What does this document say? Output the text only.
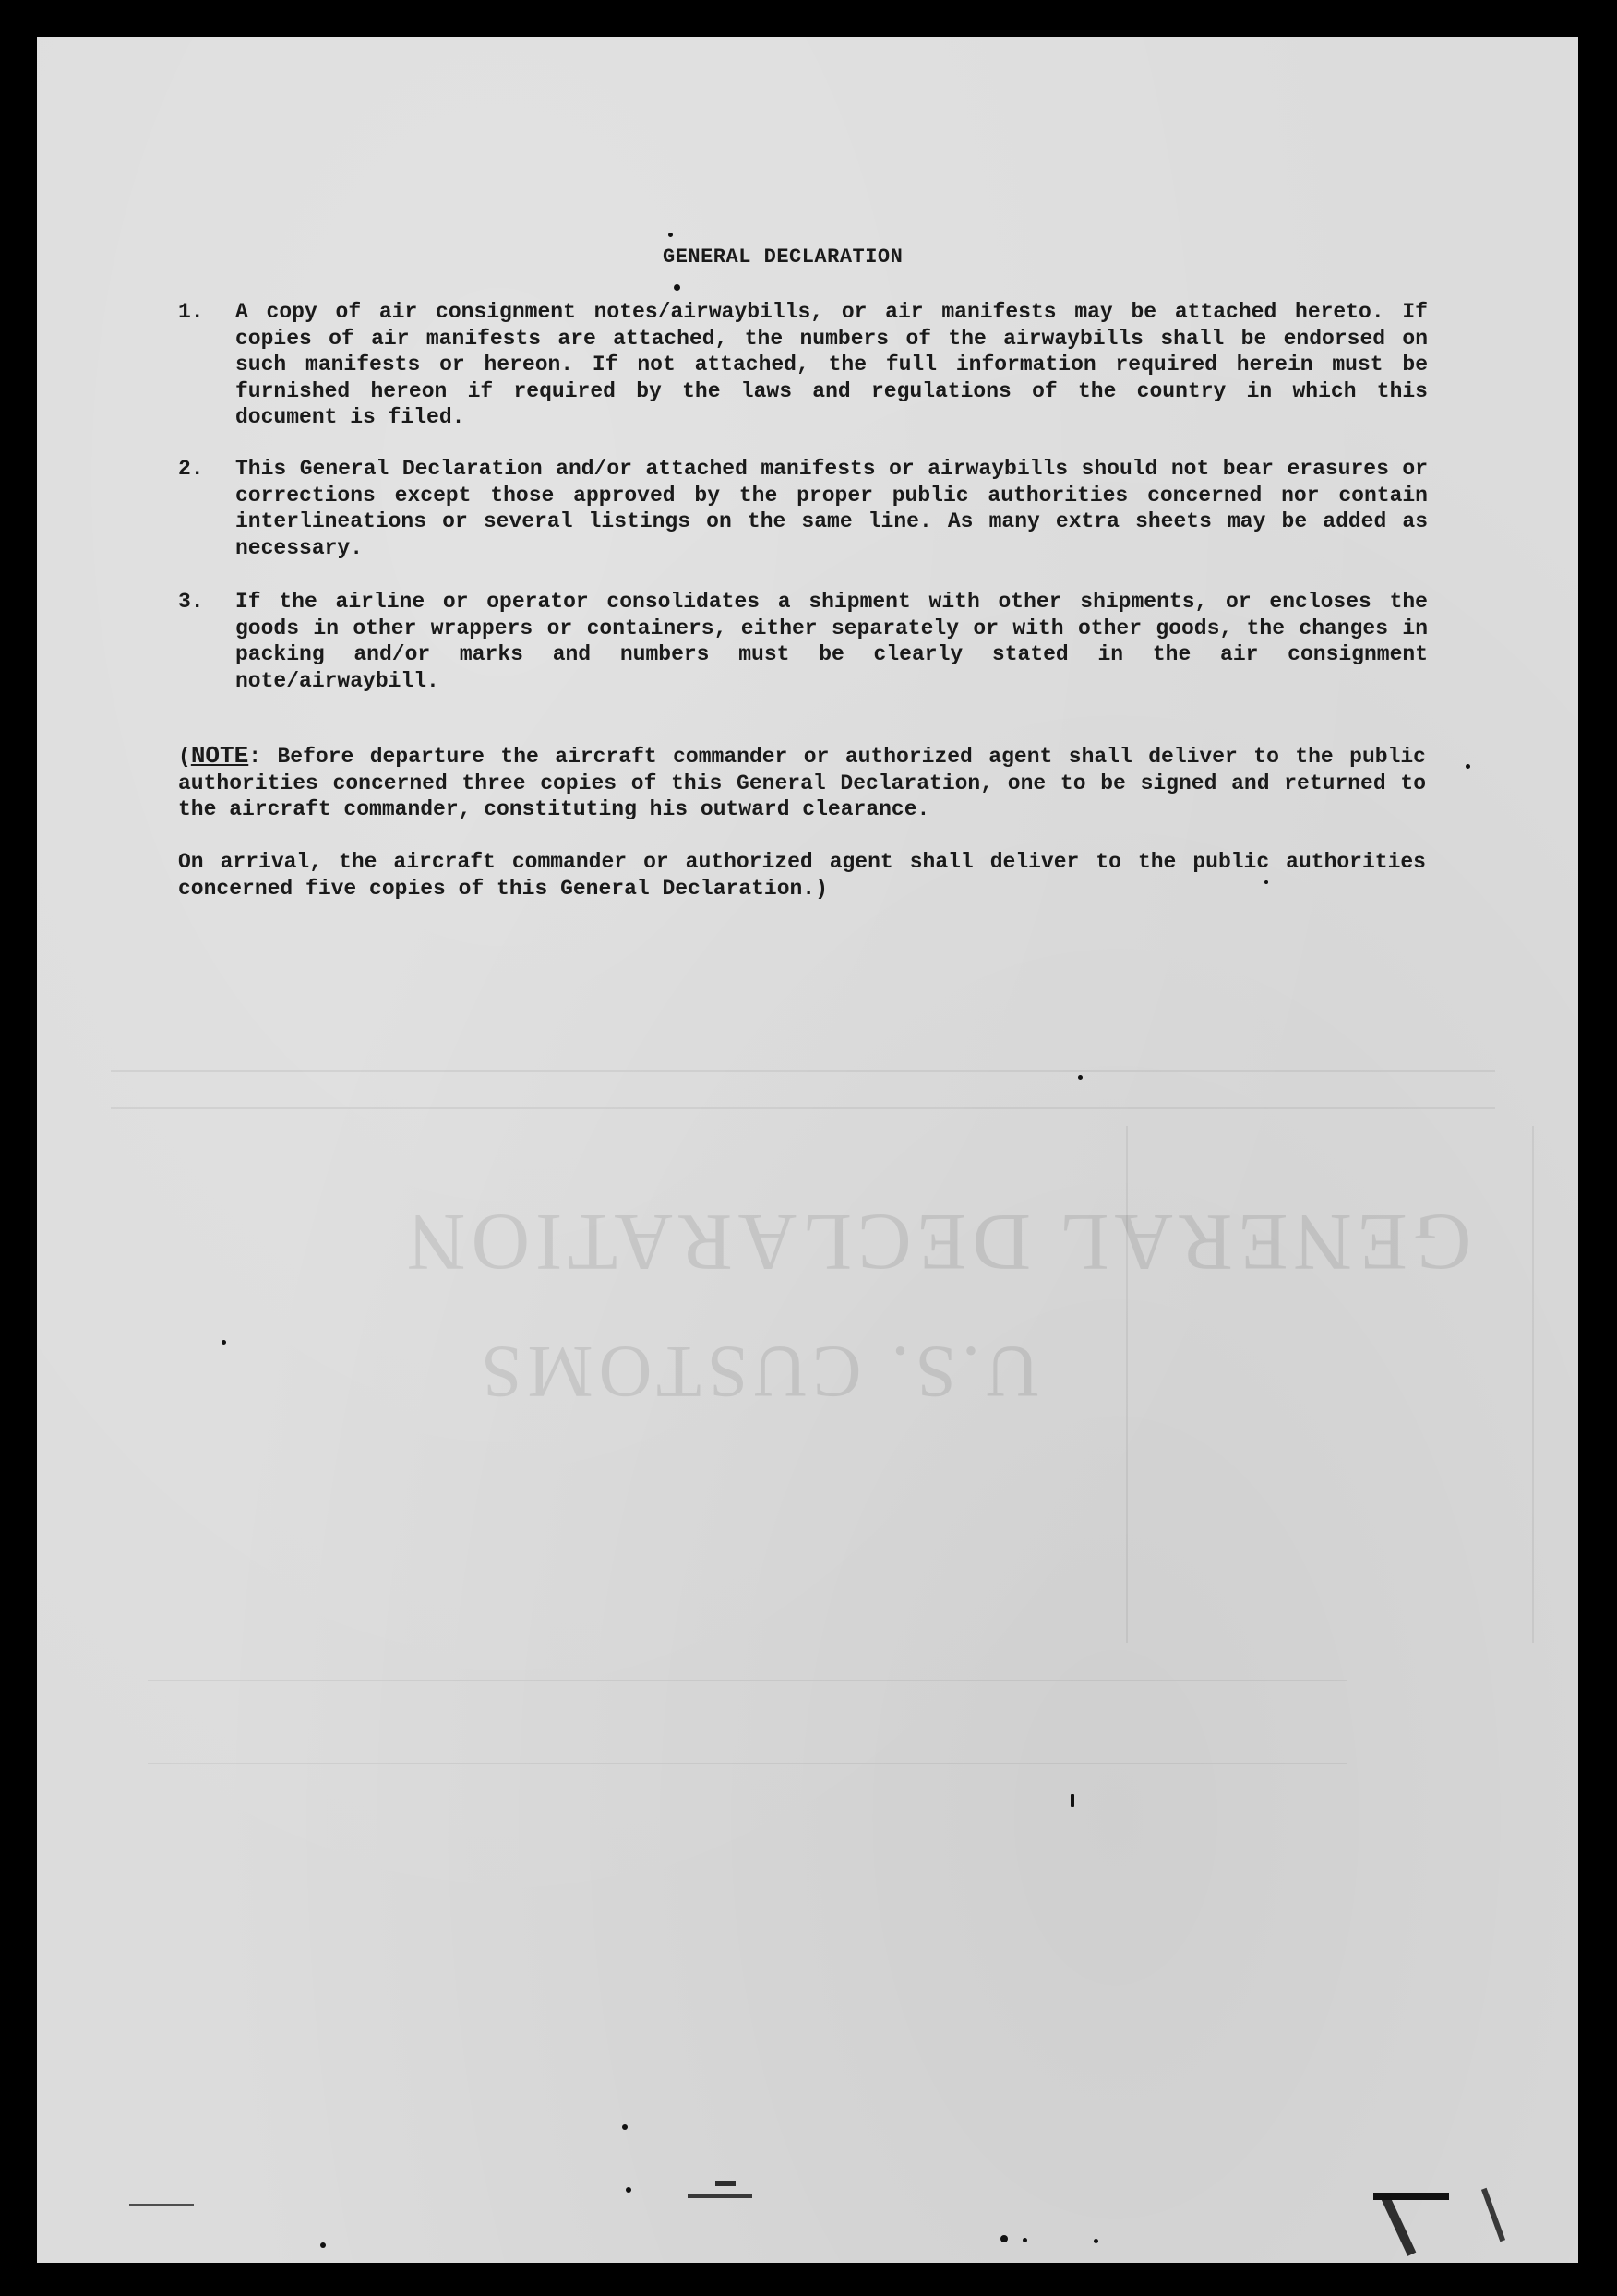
GENERAL DECLARATION
U.S. CUSTOMS
GENERAL DECLARATION
1. A copy of air consignment notes/airwaybills, or air manifests may be attached hereto. If copies of air manifests are attached, the numbers of the airwaybills shall be endorsed on such manifests or hereon. If not attached, the full information required herein must be furnished hereon if required by the laws and regulations of the country in which this document is filed.
2. This General Declaration and/or attached manifests or airwaybills should not bear erasures or corrections except those approved by the proper public authorities concerned nor contain interlineations or several listings on the same line. As many extra sheets may be added as necessary.
3. If the airline or operator consolidates a shipment with other shipments, or encloses the goods in other wrappers or containers, either separately or with other goods, the changes in packing and/or marks and numbers must be clearly stated in the air consignment note/airwaybill.
(NOTE: Before departure the aircraft commander or authorized agent shall deliver to the public authorities concerned three copies of this General Declaration, one to be signed and returned to the aircraft commander, constituting his outward clearance.
On arrival, the aircraft commander or authorized agent shall deliver to the public authorities concerned five copies of this General Declaration.)
